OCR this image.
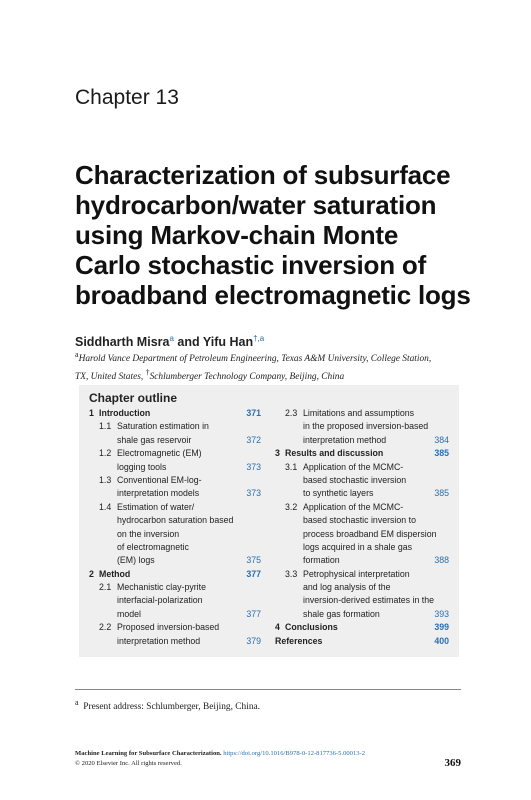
Chapter 13
Characterization of subsurface
hydrocarbon/water saturation
using Markov-chain Monte
Carlo stochastic inversion of
broadband electromagnetic logs
Siddharth Misra$^a$ and Yifu Han$^{\dagger,a}$
aHarold Vance Department of Petroleum Engineering, Texas A&M University, College Station,
TX, United States, †Schlumberger Technology Company, Beijing, China
Chapter outline
1 Introduction	371
1.1 Saturation estimation in
shale gas reservoir	372
1.2 Electromagnetic (EM)
logging tools	373
1.3 Conventional EM-log-
interpretation models	373
1.4 Estimation of water/
hydrocarbon saturation based
on the inversion
of electromagnetic
(EM) logs	375
2 Method	377
2.1 Mechanistic clay-pyrite
interfacial-polarization
model	377
2.2 Proposed inversion-based
interpretation method	379
2.3 Limitations and assumptions
in the proposed inversion-based
interpretation method	384
3 Results and discussion	385
3.1 Application of the MCMC-
based stochastic inversion
to synthetic layers	385
3.2 Application of the MCMC-
based stochastic inversion to
process broadband EM dispersion
logs acquired in a shale gas
formation	388
3.3 Petrophysical interpretation
and log analysis of the
inversion-derived estimates in the
shale gas formation	393
4 Conclusions	399
References	400
a Present address: Schlumberger, Beijing, China.
Machine Learning for Subsurface Characterization. https://doi.org/10.1016/B978-0-12-817736-5.00013-2
© 2020 Elsevier Inc. All rights reserved.	369
